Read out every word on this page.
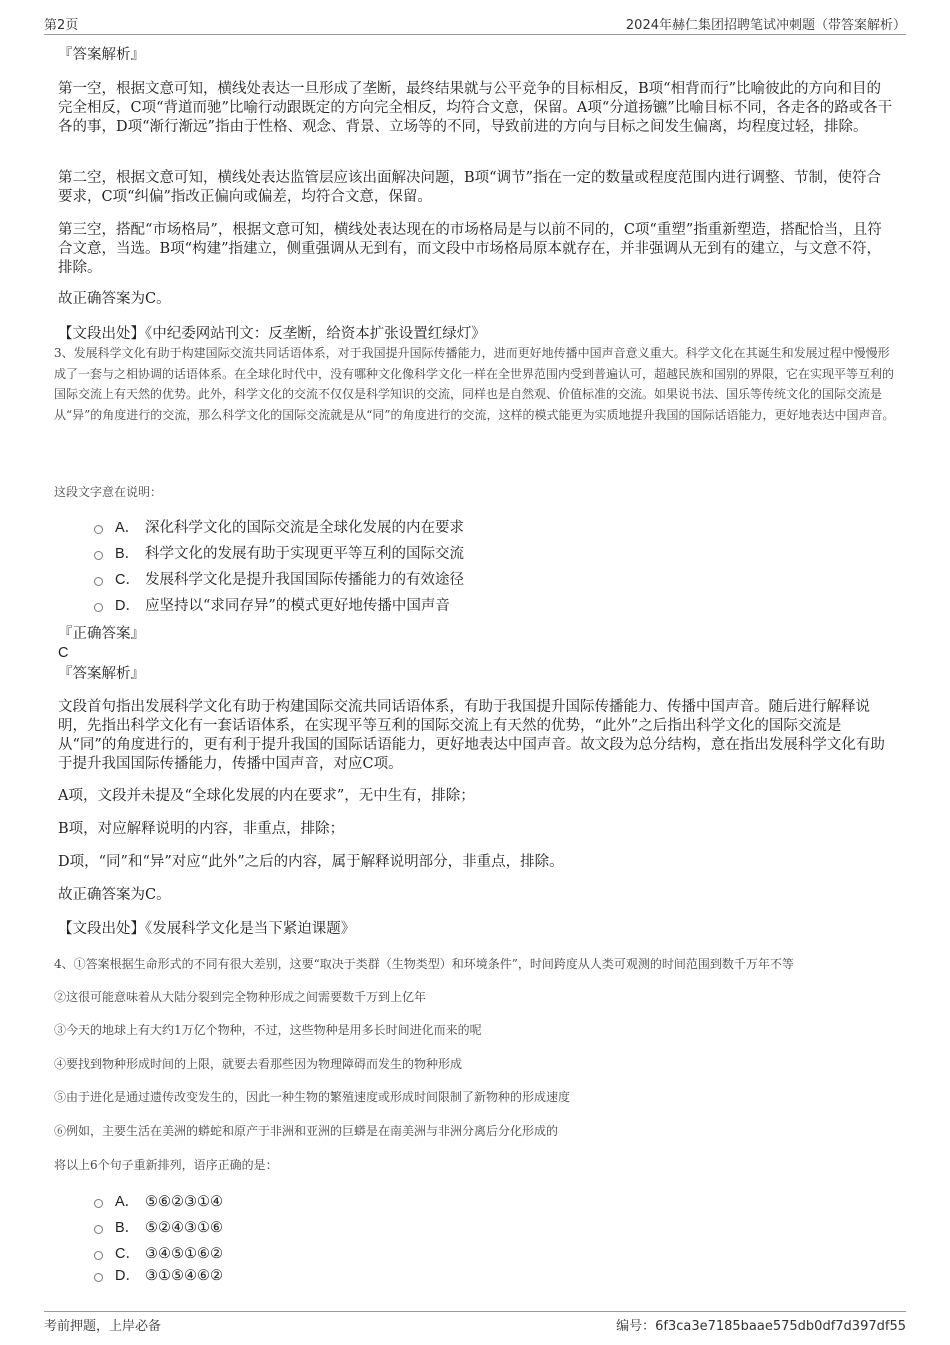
第2页	2024年赫仁集团招聘笔试冲刺题（带答案解析）
『答案解析』

第一空，根据文意可知，横线处表达一旦形成了垄断，最终结果就与公平竞争的目标相反，B项“相背而行”比喻彼此的方向和目的完全相反，C项“背道而驰”比喻行动跟既定的方向完全相反，均符合文意，保留。A项“分道扬镳”比喻目标不同，各走各的路或各干各的事，D项“渐行渐远”指由于性格、观念、背景、立场等的不同，导致前进的方向与目标之间发生偏离，均程度过轻，排除。

第二空，根据文意可知，横线处表达监管层应该出面解决问题，B项“调节”指在一定的数量或程度范围内进行调整、节制，使符合要求，C项“纠偏”指改正偏向或偏差，均符合文意，保留。

第三空，搭配“市场格局”，根据文意可知，横线处表达现在的市场格局是与以前不同的，C项“重塑”指重新塑造，搭配恰当，且符合文意，当选。B项“构建”指建立，侧重强调从无到有，而文段中市场格局原本就存在，并非强调从无到有的建立，与文意不符，排除。

故正确答案为C。

【文段出处】《中纪委网站刊文：反垄断，给资本扩张设置红绿灯》

3、发展科学文化有助于构建国际交流共同话语体系，对于我国提升国际传播能力，进而更好地传播中国声音意义重大。科学文化在其诞生和发展过程中慢慢形成了一套与之相协调的话语体系。在全球化时代中，没有哪种文化像科学文化一样在全世界范围内受到普遍认可，超越民族和国别的界限，它在实现平等互利的国际交流上有天然的优势。此外，科学文化的交流不仅仅是科学知识的交流，同样也是自然观、价值标准的交流。如果说书法、国乐等传统文化的国际交流是从“异”的角度进行的交流，那么科学文化的国际交流就是从“同”的角度进行的交流，这样的模式能更为实质地提升我国的国际话语能力，更好地表达中国声音。

这段文字意在说明：

A． 深化科学文化的国际交流是全球化发展的内在要求
B． 科学文化的发展有助于实现更平等互利的国际交流
C． 发展科学文化是提升我国国际传播能力的有效途径
D． 应坚持以“求同存异”的模式更好地传播中国声音
『正确答案』
C
『答案解析』

文段首句指出发展科学文化有助于构建国际交流共同话语体系，有助于我国提升国际传播能力、传播中国声音。随后进行解释说明，先指出科学文化有一套话语体系，在实现平等互利的国际交流上有天然的优势，“此外”之后指出科学文化的国际交流是从“同”的角度进行的，更有利于提升我国的国际话语能力，更好地表达中国声音。故文段为总分结构，意在指出发展科学文化有助于提升我国国际传播能力，传播中国声音，对应C项。

A项，文段并未提及“全球化发展的内在要求”，无中生有，排除；

B项，对应解释说明的内容，非重点，排除；

D项，“同”和“异”对应“此外”之后的内容，属于解释说明部分，非重点，排除。

故正确答案为C。

【文段出处】《发展科学文化是当下紧迫课题》

4、①答案根据生命形式的不同有很大差别，这要“取决于类群（生物类型）和环境条件”，时间跨度从人类可观测的时间范围到数千万年不等

②这很可能意味着从大陆分裂到完全物种形成之间需要数千万到上亿年

③今天的地球上有大约1万亿个物种，不过，这些物种是用多长时间进化而来的呢

④要找到物种形成时间的上限，就要去看那些因为物理障碍而发生的物种形成

⑤由于进化是通过遗传改变发生的，因此一种生物的繁殖速度或形成时间限制了新物种的形成速度

⑥例如，主要生活在美洲的蟒蛇和原产于非洲和亚洲的巨蟒是在南美洲与非洲分离后分化形成的

将以上6个句子重新排列，语序正确的是：

A． ⑤⑥②③①④
B． ⑤②④③①⑥
C． ③④⑤①⑥②
D． ③①⑤④⑥②
考前押题，上岸必备	编号：6f3ca3e7185baae575db0df7d397df55
